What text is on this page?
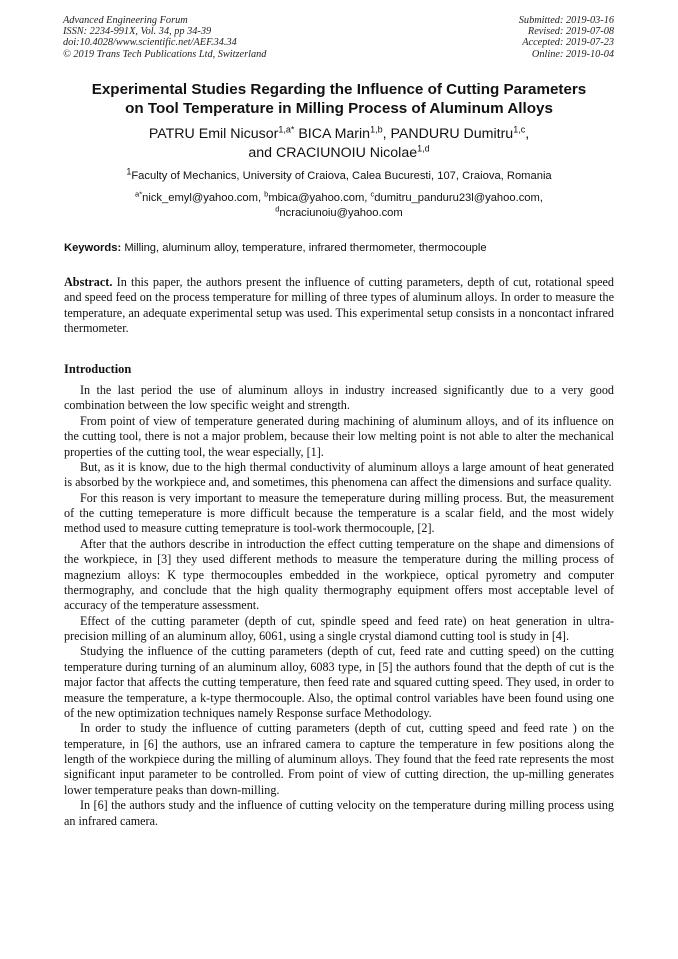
Advanced Engineering Forum
ISSN: 2234-991X, Vol. 34, pp 34-39
doi:10.4028/www.scientific.net/AEF.34.34
© 2019 Trans Tech Publications Ltd, Switzerland
Submitted: 2019-03-16
Revised: 2019-07-08
Accepted: 2019-07-23
Online: 2019-10-04
Experimental Studies Regarding the Influence of Cutting Parameters
on Tool Temperature in Milling Process of Aluminum Alloys
PATRU Emil Nicusor$^{1,a*}$ BICA Marin$^{1,b}$, PANDURU Dumitru$^{1,c}$,
and CRACIUNOIU Nicolae$^{1,d}$
$^1$Faculty of Mechanics, University of Craiova, Calea Bucuresti, 107, Craiova, Romania
$^{a*}$nick_emyl@yahoo.com, $^b$mbica@yahoo.com, $^c$dumitru_panduru23l@yahoo.com,
$^d$ncraciunoiu@yahoo.com
Keywords: Milling, aluminum alloy, temperature, infrared thermometer, thermocouple
Abstract. In this paper, the authors present the influence of cutting parameters, depth of cut, rotational speed and speed feed on the process temperature for milling of three types of aluminum alloys. In order to measure the temperature, an adequate experimental setup was used. This experimental setup consists in a noncontact infrared thermometer.
Introduction

In the last period the use of aluminum alloys in industry increased significantly due to a very good combination between the low specific weight and strength.

From point of view of temperature generated during machining of aluminum alloys, and of its influence on the cutting tool, there is not a major problem, because their low melting point is not able to alter the mechanical properties of the cutting tool, the wear especially, [1].

But, as it is know, due to the high thermal conductivity of aluminum alloys a large amount of heat generated is absorbed by the workpiece and, and sometimes, this phenomena can affect the dimensions and surface quality.

For this reason is very important to measure the temeperature during milling process. But, the measurement of the cutting temeperature is more difficult because the temperature is a scalar field, and the most widely method used to measure cutting temeprature is tool-work thermocouple, [2].

After that the authors describe in introduction the effect cutting temperature on the shape and dimensions of the workpiece, in [3] they used different methods to measure the temperature during the milling process of magnezium alloys: K type thermocouples embedded in the workpiece, optical pyrometry and computer thermography, and conclude that the high quality thermography equipment offers most acceptable level of accuracy of the temperature assessment.

Effect of the cutting parameter (depth of cut, spindle speed and feed rate) on heat generation in ultra-precision milling of an aluminum alloy, 6061, using a single crystal diamond cutting tool is study in [4].

Studying the influence of the cutting parameters (depth of cut, feed rate and cutting speed) on the cutting temperature during turning of an aluminum alloy, 6083 type, in [5] the authors found that the depth of cut is the major factor that affects the cutting temperature, then feed rate and squared cutting speed. They used, in order to measure the temperature, a k-type thermocouple. Also, the optimal control variables have been found using one of the new optimization techniques namely Response surface Methodology.

In order to study the influence of cutting parameters (depth of cut, cutting speed and feed rate ) on the temperature, in [6] the authors, use an infrared camera to capture the temperature in few positions along the length of the workpiece during the milling of aluminum alloys. They found that the feed rate represents the most significant input parameter to be controlled. From point of view of cutting direction, the up-milling generates lower temperature peaks than down-milling.

In [6] the authors study and the influence of cutting velocity on the temperature during milling process using an infrared camera.
